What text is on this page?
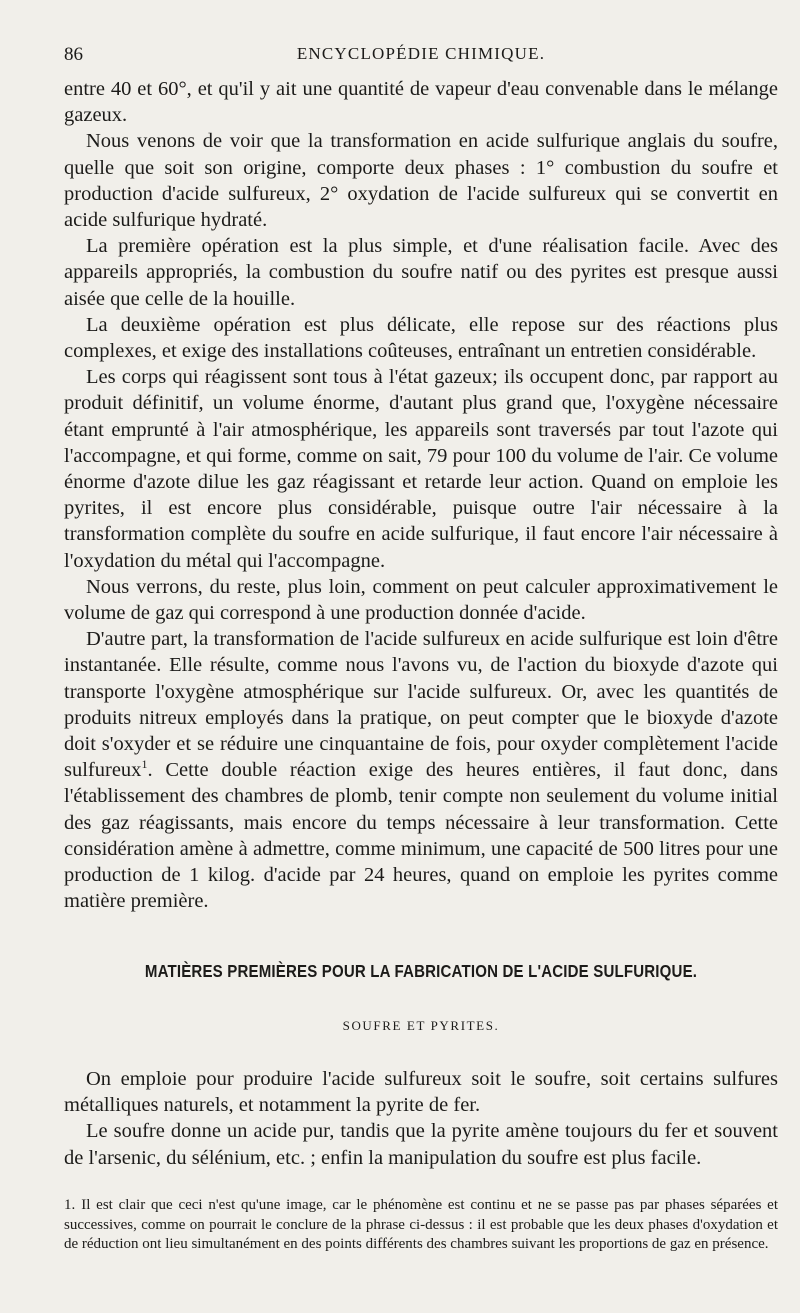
86	ENCYCLOPÉDIE CHIMIQUE.

entre 40 et 60°, et qu'il y ait une quantité de vapeur d'eau convenable dans le mélange gazeux.

Nous venons de voir que la transformation en acide sulfurique anglais du soufre, quelle que soit son origine, comporte deux phases : 1° combustion du soufre et production d'acide sulfureux, 2° oxydation de l'acide sulfureux qui se convertit en acide sulfurique hydraté.

La première opération est la plus simple, et d'une réalisation facile. Avec des appareils appropriés, la combustion du soufre natif ou des pyrites est presque aussi aisée que celle de la houille.

La deuxième opération est plus délicate, elle repose sur des réactions plus complexes, et exige des installations coûteuses, entraînant un entretien considérable.

Les corps qui réagissent sont tous à l'état gazeux; ils occupent donc, par rapport au produit définitif, un volume énorme, d'autant plus grand que, l'oxygène nécessaire étant emprunté à l'air atmosphérique, les appareils sont traversés par tout l'azote qui l'accompagne, et qui forme, comme on sait, 79 pour 100 du volume de l'air. Ce volume énorme d'azote dilue les gaz réagissant et retarde leur action. Quand on emploie les pyrites, il est encore plus considérable, puisque outre l'air nécessaire à la transformation complète du soufre en acide sulfurique, il faut encore l'air nécessaire à l'oxydation du métal qui l'accompagne.

Nous verrons, du reste, plus loin, comment on peut calculer approximativement le volume de gaz qui correspond à une production donnée d'acide.

D'autre part, la transformation de l'acide sulfureux en acide sulfurique est loin d'être instantanée. Elle résulte, comme nous l'avons vu, de l'action du bioxyde d'azote qui transporte l'oxygène atmosphérique sur l'acide sulfureux. Or, avec les quantités de produits nitreux employés dans la pratique, on peut compter que le bioxyde d'azote doit s'oxyder et se réduire une cinquantaine de fois, pour oxyder complètement l'acide sulfureux$^1$. Cette double réaction exige des heures entières, il faut donc, dans l'établissement des chambres de plomb, tenir compte non seulement du volume initial des gaz réagissants, mais encore du temps nécessaire à leur transformation. Cette considération amène à admettre, comme minimum, une capacité de 500 litres pour une production de 1 kilog. d'acide par 24 heures, quand on emploie les pyrites comme matière première.

MATIÈRES PREMIÈRES POUR LA FABRICATION DE L'ACIDE SULFURIQUE.
SOUFRE ET PYRITES.

On emploie pour produire l'acide sulfureux soit le soufre, soit certains sulfures métalliques naturels, et notamment la pyrite de fer.

Le soufre donne un acide pur, tandis que la pyrite amène toujours du fer et souvent de l'arsenic, du sélénium, etc. ; enfin la manipulation du soufre est plus facile.

1. Il est clair que ceci n'est qu'une image, car le phénomène est continu et ne se passe pas par phases séparées et successives, comme on pourrait le conclure de la phrase ci-dessus : il est probable que les deux phases d'oxydation et de réduction ont lieu simultanément en des points différents des chambres suivant les proportions de gaz en présence.
